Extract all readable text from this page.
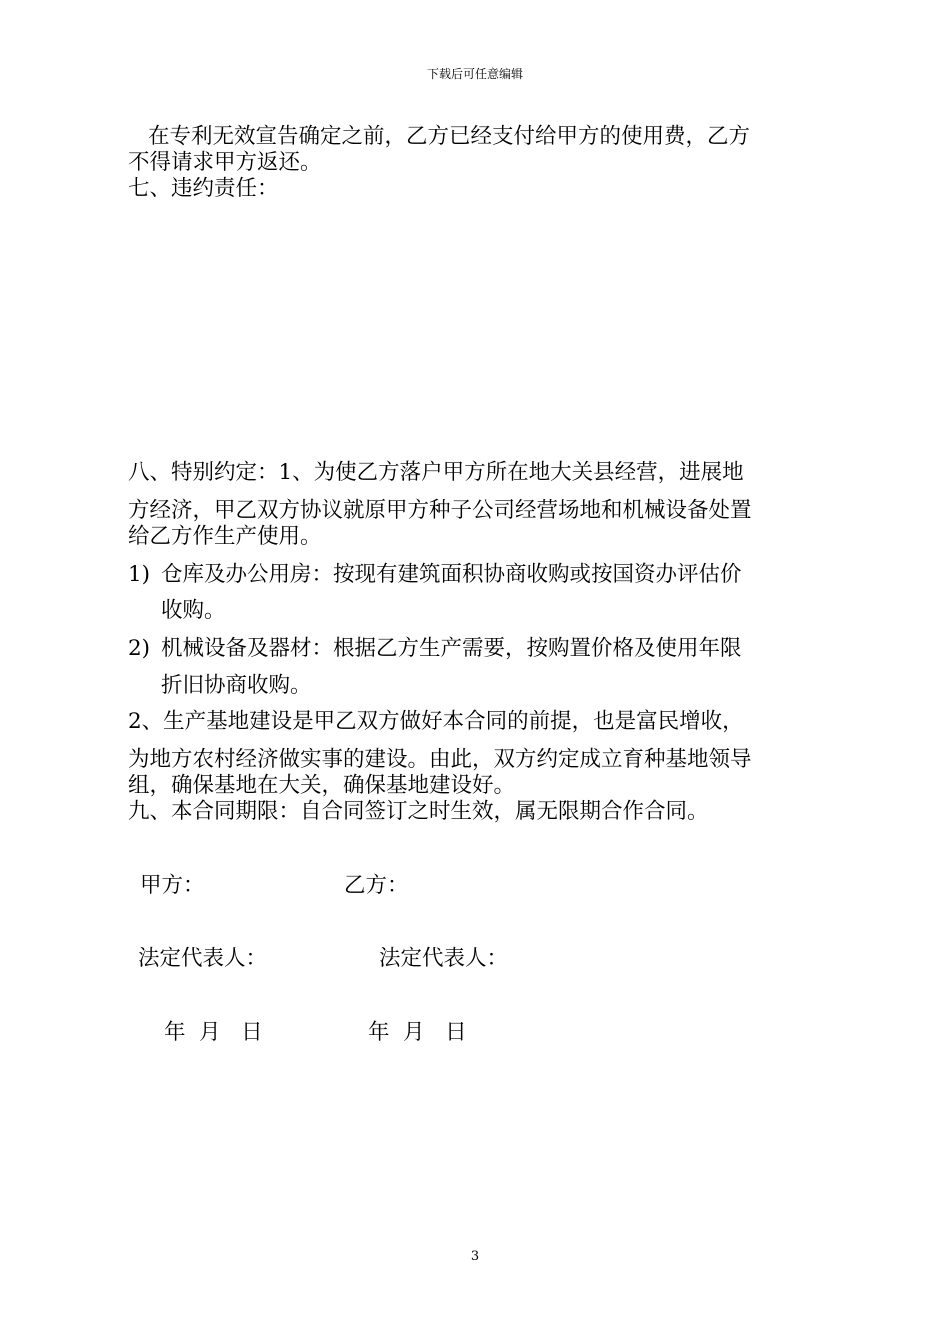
下载后可任意编辑
在专利无效宣告确定之前，乙方已经支付给甲方的使用费，乙方
不得请求甲方返还。
七、违约责任：
八、特别约定：1、为使乙方落户甲方所在地大关县经营，进展地
方经济，甲乙双方协议就原甲方种子公司经营场地和机械设备处置
给乙方作生产使用。
1) 仓库及办公用房：按现有建筑面积协商收购或按国资办评估价
收购。
2) 机械设备及器材：根据乙方生产需要，按购置价格及使用年限
折旧协商收购。
2、生产基地建设是甲乙双方做好本合同的前提，也是富民增收，
为地方农村经济做实事的建设。由此，双方约定成立育种基地领导
组，确保基地在大关，确保基地建设好。
九、本合同期限：自合同签订之时生效，属无限期合作合同。
甲方：	乙方：
法定代表人：	法定代表人：
年  月   日	年  月   日
3
